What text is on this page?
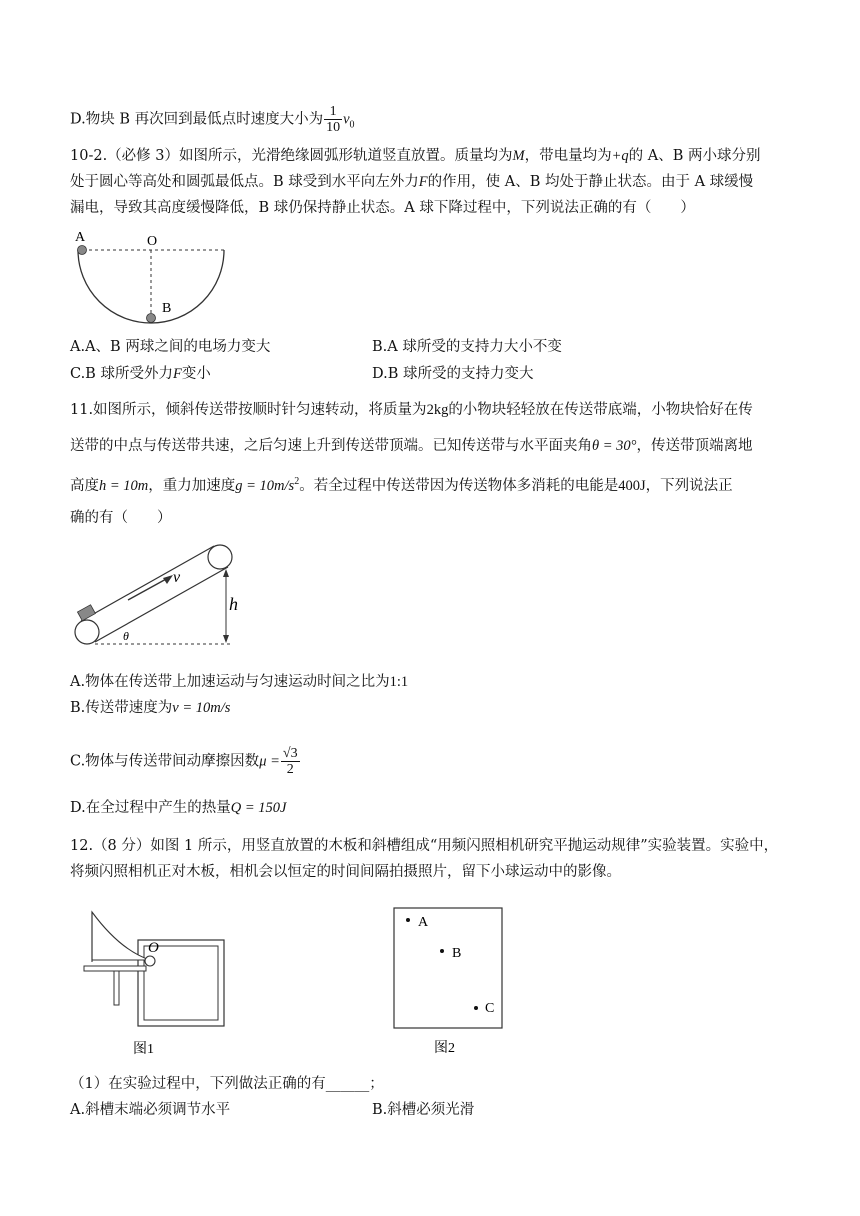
D.物块 B 再次回到最低点时速度大小为 $\frac{1}{10} v_0$
10-2.（必修 3）如图所示，光滑绝缘圆弧形轨道竖直放置。质量均为M，带电量均为+q的 A、B 两小球分别
处于圆心等高处和圆弧最低点。B 球受到水平向左外力F的作用，使 A、B 均处于静止状态。由于 A 球缓慢
漏电，导致其高度缓慢降低，B 球仍保持静止状态。A 球下降过程中，下列说法正确的有（　　）
A	O
B
A.A、B 两球之间的电场力变大	B.A 球所受的支持力大小不变
C.B 球所受外力F变小	D.B 球所受的支持力变大
11.如图所示，倾斜传送带按顺时针匀速转动，将质量为2kg的小物块轻轻放在传送带底端，小物块恰好在传
送带的中点与传送带共速，之后匀速上升到传送带顶端。已知传送带与水平面夹角θ = 30°，传送带顶端离地
高度h = 10m，重力加速度$g = 10m/s^2$。若全过程中传送带因为传送物体多消耗的电能是400J，下列说法正
确的有（　　）
v
h
θ
A.物体在传送带上加速运动与匀速运动时间之比为1:1
B.传送带速度为v = 10m/s
C.物体与传送带间动摩擦因数$\mu = \frac{√3}{2}$
D.在全过程中产生的热量Q = 150J
12.（8 分）如图 1 所示，用竖直放置的木板和斜槽组成“用频闪照相机研究平抛运动规律”实验装置。实验中，
将频闪照相机正对木板，相机会以恒定的时间间隔拍摄照片，留下小球运动中的影像。
O
图1
A
B
C
图2
（1）在实验过程中，下列做法正确的有______；
A.斜槽末端必须调节水平	B.斜槽必须光滑
